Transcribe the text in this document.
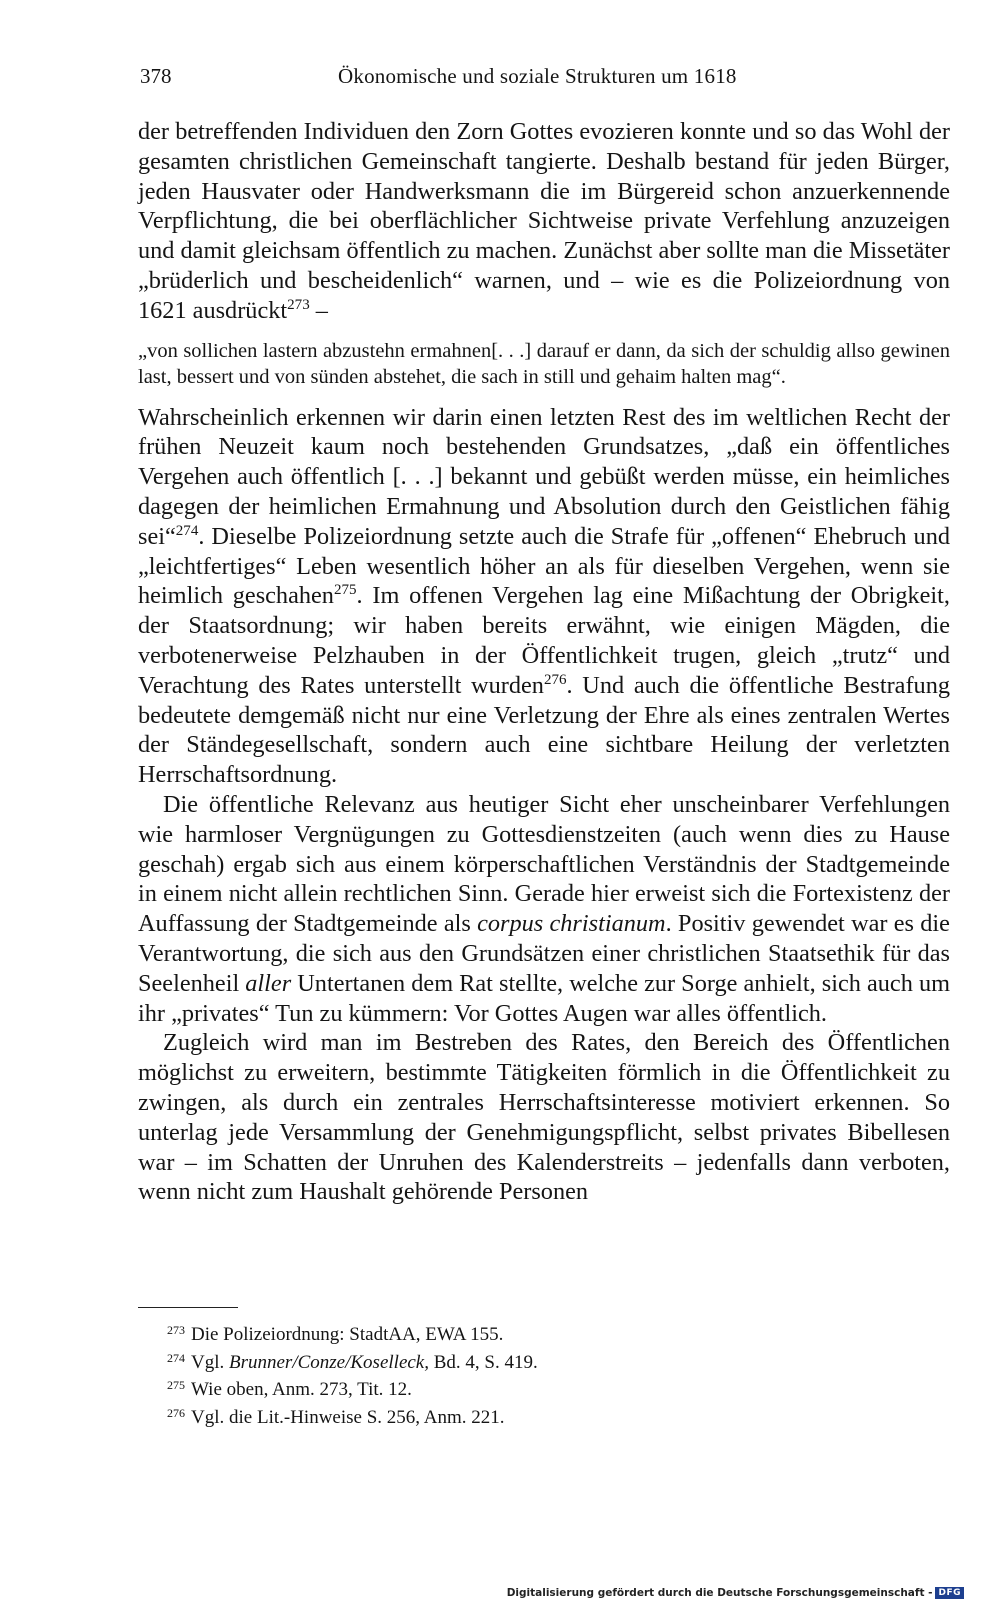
378	Ökonomische und soziale Strukturen um 1618

der betreffenden Individuen den Zorn Gottes evozieren konnte und so das Wohl der gesamten christlichen Gemeinschaft tangierte. Deshalb bestand für jeden Bürger, jeden Hausvater oder Handwerksmann die im Bürgereid schon anzuerkennende Verpflichtung, die bei oberflächlicher Sichtweise private Verfehlung anzuzeigen und damit gleichsam öffentlich zu machen. Zunächst aber sollte man die Missetäter „brüderlich und bescheidenlich“ warnen, und – wie es die Polizeiordnung von 1621 ausdrückt$^{273}$ –

„von sollichen lastern abzustehn ermahnen[. . .] darauf er dann, da sich der schuldig allso gewinen last, bessert und von sünden abstehet, die sach in still und gehaim halten mag“.

Wahrscheinlich erkennen wir darin einen letzten Rest des im weltlichen Recht der frühen Neuzeit kaum noch bestehenden Grundsatzes, „daß ein öffentliches Vergehen auch öffentlich [. . .] bekannt und gebüßt werden müsse, ein heimliches dagegen der heimlichen Ermahnung und Absolution durch den Geistlichen fähig sei“$^{274}$. Dieselbe Polizeiordnung setzte auch die Strafe für „offenen“ Ehebruch und „leichtfertiges“ Leben wesentlich höher an als für dieselben Vergehen, wenn sie heimlich geschahen$^{275}$. Im offenen Vergehen lag eine Mißachtung der Obrigkeit, der Staatsordnung; wir haben bereits erwähnt, wie einigen Mägden, die verbotenerweise Pelzhauben in der Öffentlichkeit trugen, gleich „trutz“ und Verachtung des Rates unterstellt wurden$^{276}$. Und auch die öffentliche Bestrafung bedeutete demgemäß nicht nur eine Verletzung der Ehre als eines zentralen Wertes der Ständegesellschaft, sondern auch eine sichtbare Heilung der verletzten Herrschaftsordnung.

Die öffentliche Relevanz aus heutiger Sicht eher unscheinbarer Verfehlungen wie harmloser Vergnügungen zu Gottesdienstzeiten (auch wenn dies zu Hause geschah) ergab sich aus einem körperschaftlichen Verständnis der Stadtgemeinde in einem nicht allein rechtlichen Sinn. Gerade hier erweist sich die Fortexistenz der Auffassung der Stadtgemeinde als corpus christianum. Positiv gewendet war es die Verantwortung, die sich aus den Grundsätzen einer christlichen Staatsethik für das Seelenheil aller Untertanen dem Rat stellte, welche zur Sorge anhielt, sich auch um ihr „privates“ Tun zu kümmern: Vor Gottes Augen war alles öffentlich.

Zugleich wird man im Bestreben des Rates, den Bereich des Öffentlichen möglichst zu erweitern, bestimmte Tätigkeiten förmlich in die Öffentlichkeit zu zwingen, als durch ein zentrales Herrschaftsinteresse motiviert erkennen. So unterlag jede Versammlung der Genehmigungspflicht, selbst privates Bibellesen war – im Schatten der Unruhen des Kalenderstreits – jedenfalls dann verboten, wenn nicht zum Haushalt gehörende Personen

$^{273}$ Die Polizeiordnung: StadtAA, EWA 155.

$^{274}$ Vgl. Brunner/Conze/Koselleck, Bd. 4, S. 419.

$^{275}$ Wie oben, Anm. 273, Tit. 12.

$^{276}$ Vgl. die Lit.-Hinweise S. 256, Anm. 221.

Digitalisierung gefördert durch die Deutsche Forschungsgemeinschaft - DFG
